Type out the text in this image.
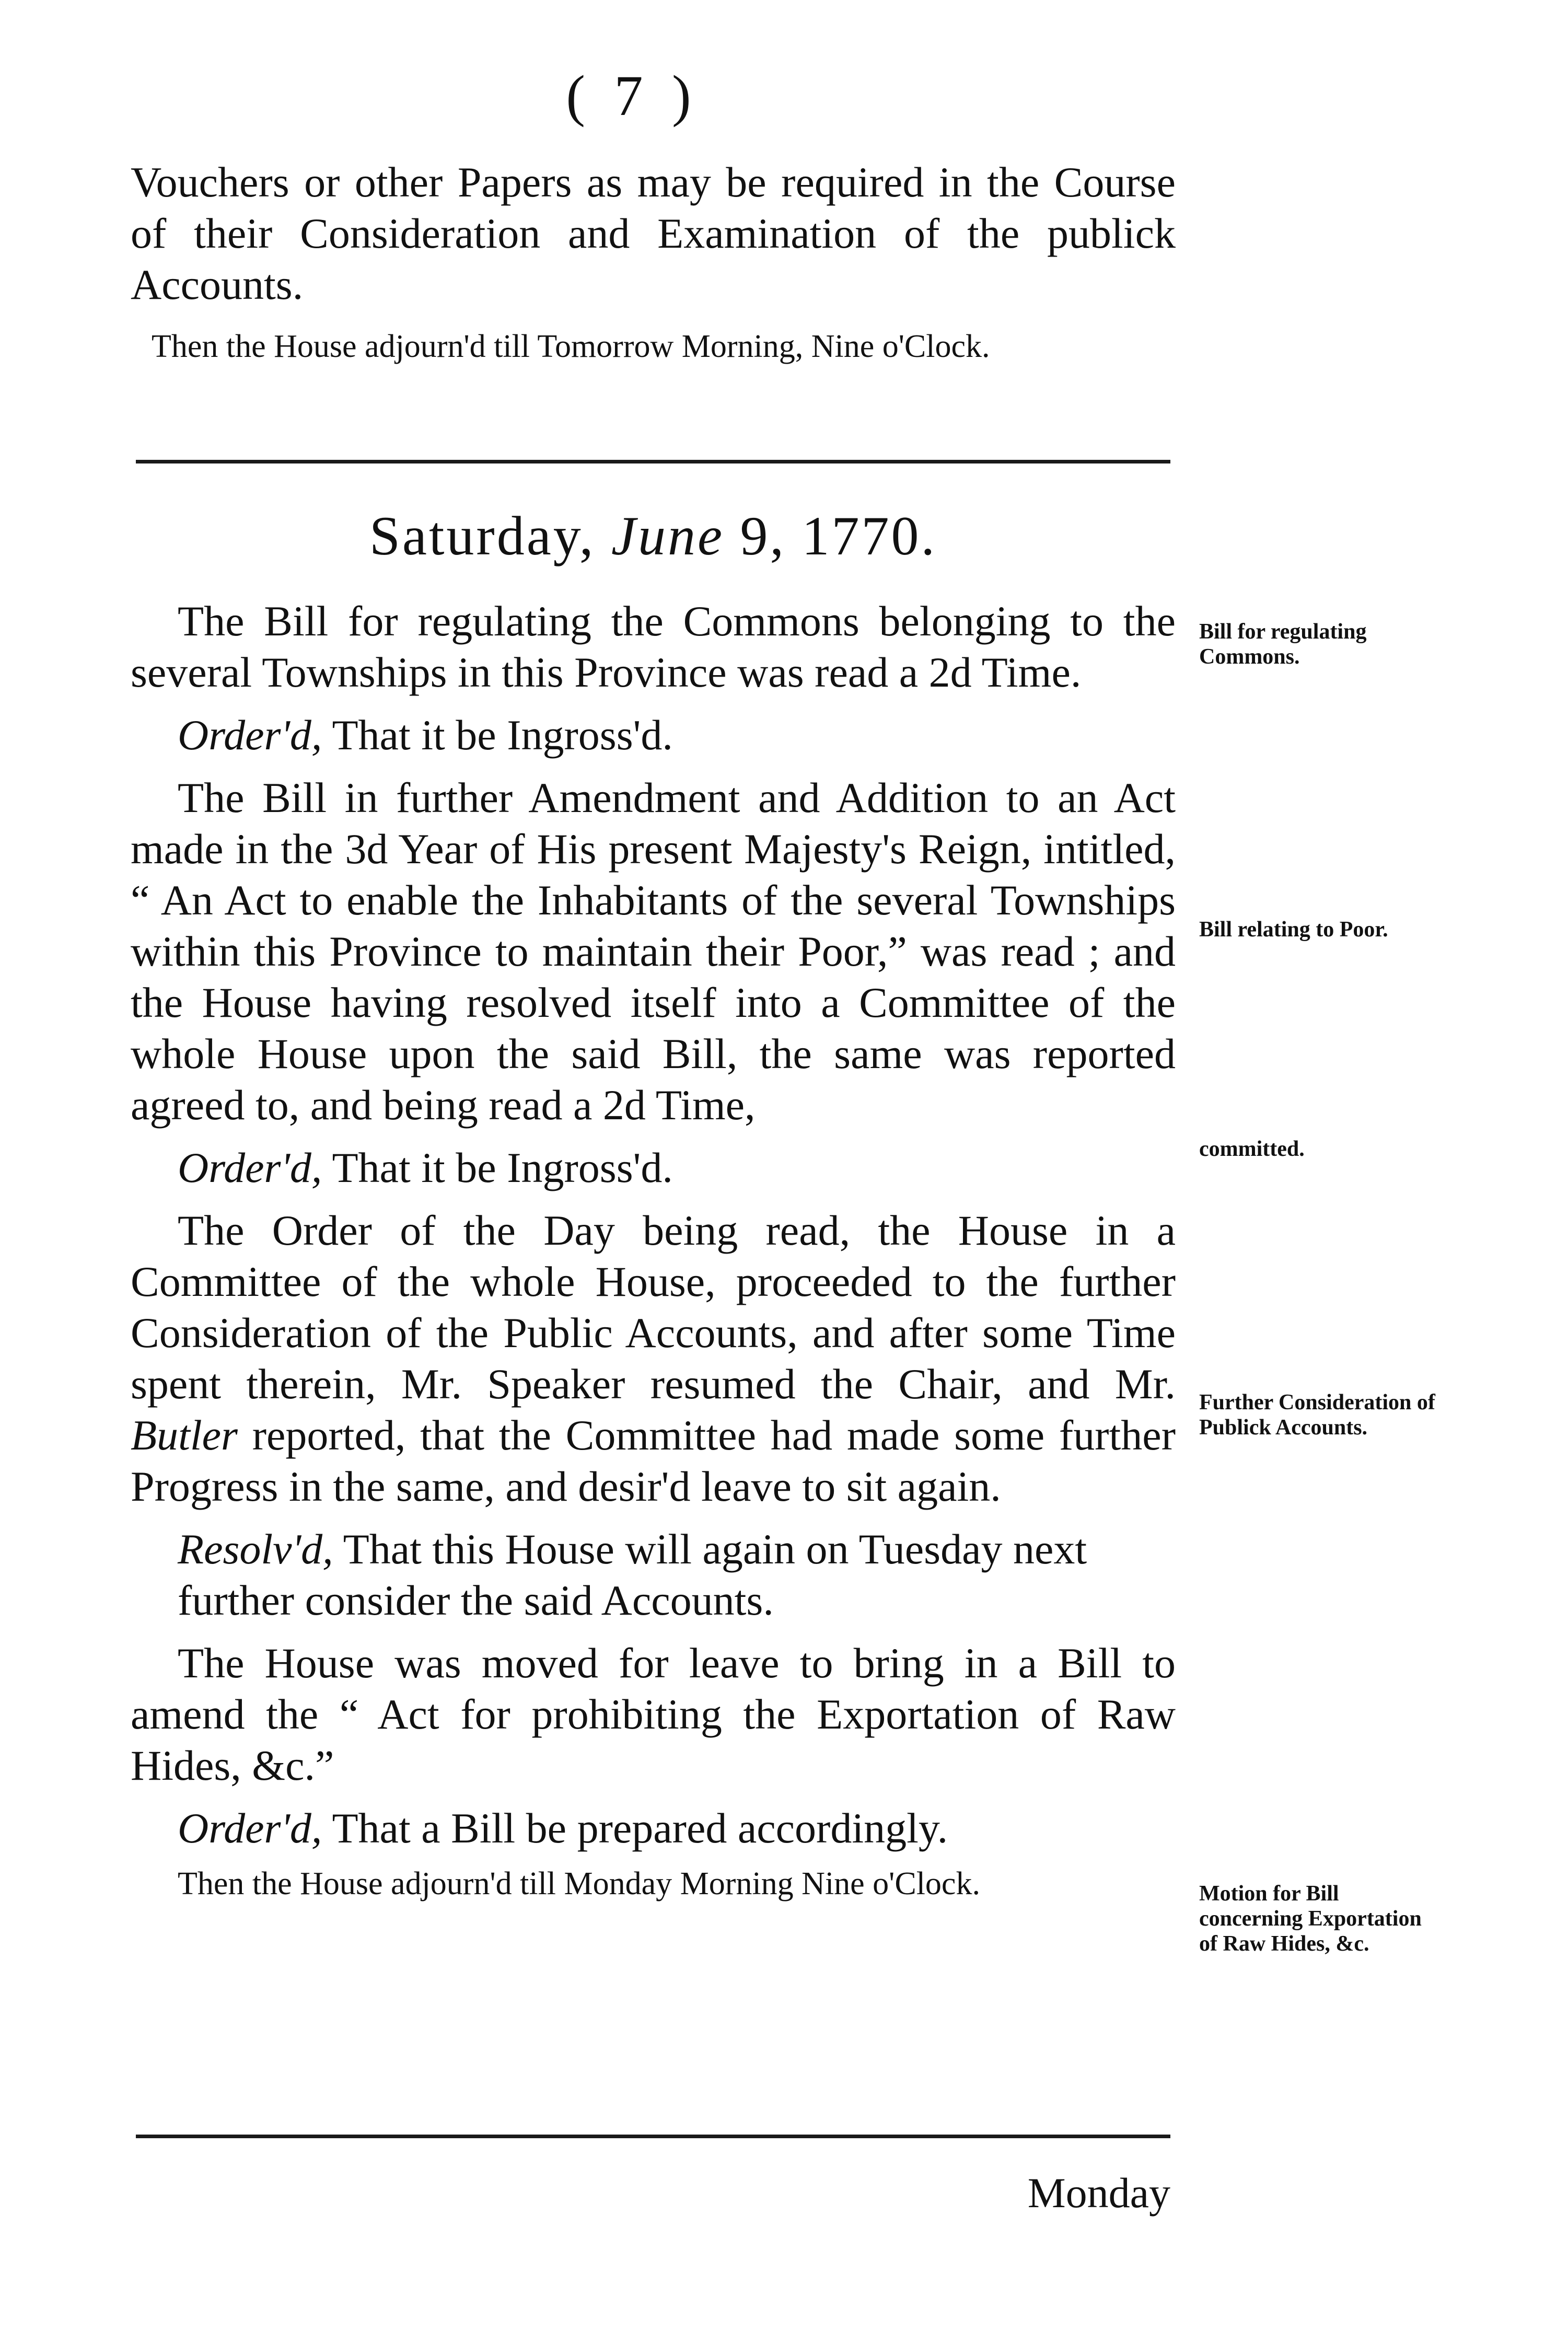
( 7 )

Vouchers or other Papers as may be required in the Course of their Consideration and Examination of the publick Accounts.

Then the House adjourn'd till Tomorrow Morning, Nine o'Clock.

Saturday, June 9, 1770.

The Bill for regulating the Commons belonging to the several Townships in this Province was read a 2d Time.

Order'd, That it be Ingross'd.

The Bill in further Amendment and Addition to an Act made in the 3d Year of His present Majesty's Reign, intitled, “ An Act to enable the Inhabitants of the several Townships within this Province to maintain their Poor,” was read ; and the House having resolved itself into a Committee of the whole House upon the said Bill, the same was reported agreed to, and being read a 2d Time,

Order'd, That it be Ingross'd.

The Order of the Day being read, the House in a Committee of the whole House, proceeded to the further Consideration of the Public Accounts, and after some Time spent therein, Mr. Speaker resumed the Chair, and Mr. Butler reported, that the Committee had made some further Progress in the same, and desir'd leave to sit again.

Resolv'd, That this House will again on Tuesday next further consider the said Accounts.

The House was moved for leave to bring in a Bill to amend the “ Act for prohibiting the Exportation of Raw Hides, &c.”

Order'd, That a Bill be prepared accordingly.

Then the House adjourn'd till Monday Morning Nine o'Clock.

Bill for regulating Commons.
Bill relating to Poor.
committed.
Further Consideration of Publick Accounts.
Motion for Bill concerning Exportation of Raw Hides, &c.
Monday
